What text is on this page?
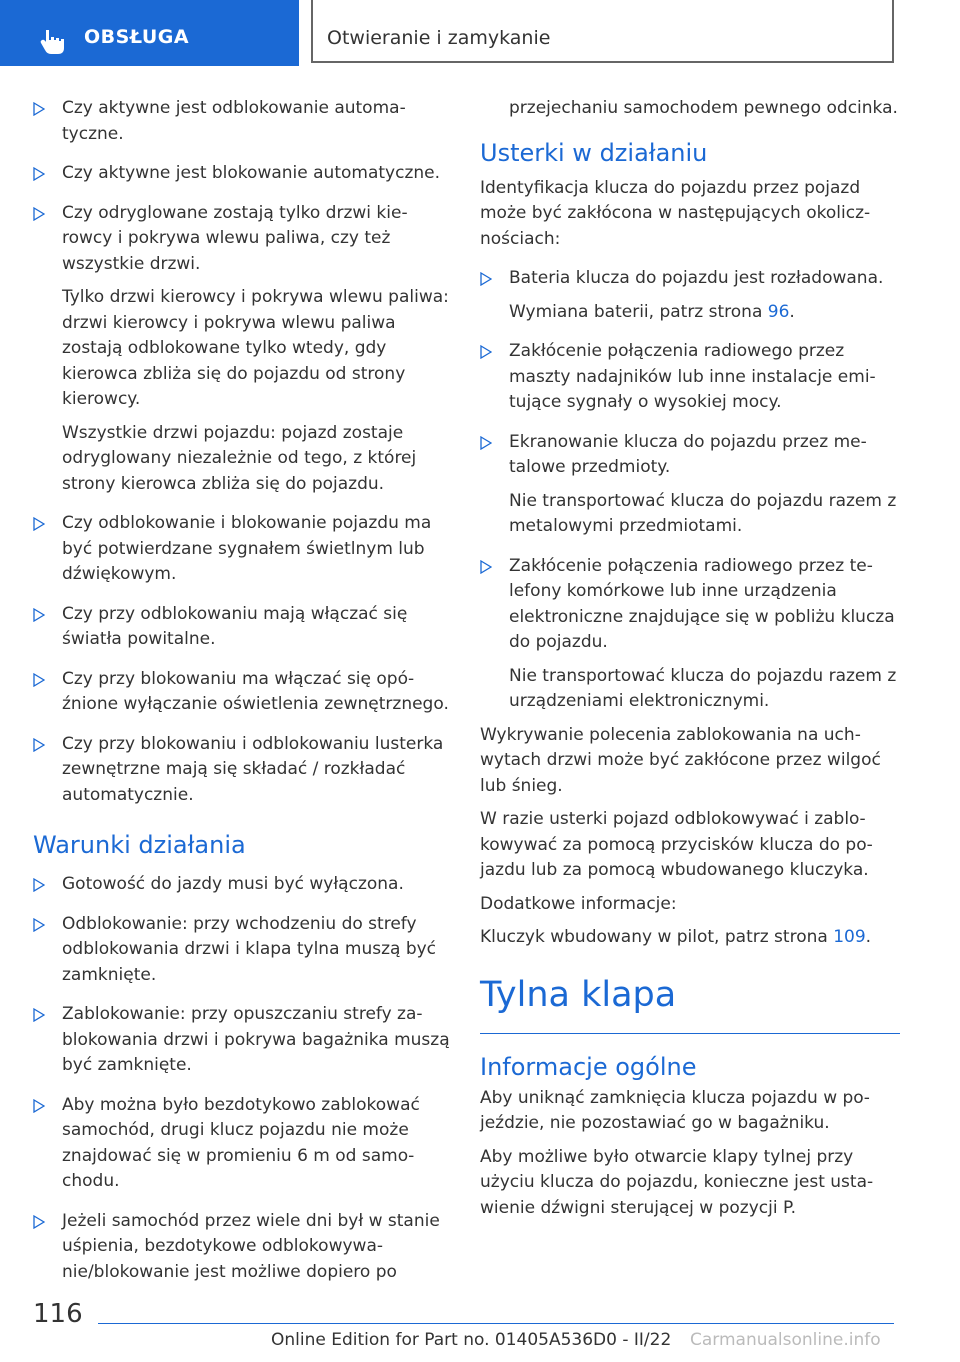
OBSŁUGA	Otwieranie i zamykanie

Czy aktywne jest odblokowanie automatyczne.

Czy aktywne jest blokowanie automatyczne.

Czy odryglowane zostają tylko drzwi kierowcy i pokrywa wlewu paliwa, czy też wszystkie drzwi.

Tylko drzwi kierowcy i pokrywa wlewu paliwa: drzwi kierowcy i pokrywa wlewu paliwa zostają odblokowane tylko wtedy, gdy kierowca zbliża się do pojazdu od strony kierowcy.

Wszystkie drzwi pojazdu: pojazd zostaje odryglowany niezależnie od tego, z której strony kierowca zbliża się do pojazdu.

Czy odblokowanie i blokowanie pojazdu ma być potwierdzane sygnałem świetlnym lub dźwiękowym.

Czy przy odblokowaniu mają włączać się światła powitalne.

Czy przy blokowaniu ma włączać się opóźnione wyłączanie oświetlenia zewnętrznego.

Czy przy blokowaniu i odblokowaniu lusterka zewnętrzne mają się składać / rozkładać automatycznie.

Warunki działania

Gotowość do jazdy musi być wyłączona.

Odblokowanie: przy wchodzeniu do strefy odblokowania drzwi i klapa tylna muszą być zamknięte.

Zablokowanie: przy opuszczaniu strefy zablokowania drzwi i pokrywa bagażnika muszą być zamknięte.

Aby można było bezdotykowo zablokować samochód, drugi klucz pojazdu nie może znajdować się w promieniu 6 m od samochodu.

Jeżeli samochód przez wiele dni był w stanie uśpienia, bezdotykowe odblokowywanie/blokowanie jest możliwe dopiero po

przejechaniu samochodem pewnego odcinka.

Usterki w działaniu

Identyfikacja klucza do pojazdu przez pojazd może być zakłócona w następujących okolicznościach:

Bateria klucza do pojazdu jest rozładowana.

Wymiana baterii, patrz strona 96.

Zakłócenie połączenia radiowego przez maszty nadajników lub inne instalacje emitujące sygnały o wysokiej mocy.

Ekranowanie klucza do pojazdu przez metalowe przedmioty.

Nie transportować klucza do pojazdu razem z metalowymi przedmiotami.

Zakłócenie połączenia radiowego przez telefony komórkowe lub inne urządzenia elektroniczne znajdujące się w pobliżu klucza do pojazdu.

Nie transportować klucza do pojazdu razem z urządzeniami elektronicznymi.

Wykrywanie polecenia zablokowania na uchwytach drzwi może być zakłócone przez wilgoć lub śnieg.

W razie usterki pojazd odblokowywać i zablokowywać za pomocą przycisków klucza do pojazdu lub za pomocą wbudowanego kluczyka.

Dodatkowe informacje:

Kluczyk wbudowany w pilot, patrz strona 109.

Tylna klapa
Informacje ogólne

Aby uniknąć zamknięcia klucza pojazdu w pojeździe, nie pozostawiać go w bagażniku.

Aby możliwe było otwarcie klapy tylnej przy użyciu klucza do pojazdu, konieczne jest ustawienie dźwigni sterującej w pozycji P.

116
Online Edition for Part no. 01405A536D0 - II/22 Carmanualsonline.info
